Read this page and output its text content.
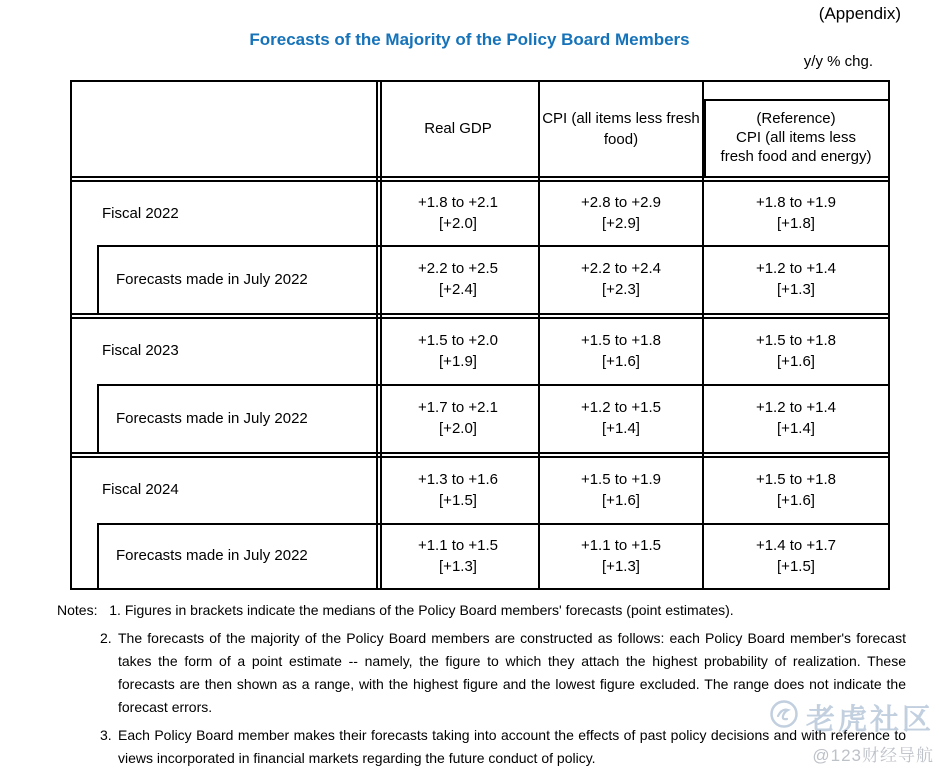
(Appendix)
Forecasts of the Majority of the Policy Board Members
y/y % chg.
Real GDP
CPI (all items less fresh food)
(Reference)
CPI (all items less
fresh food and energy)
Fiscal 2022
+1.8 to +2.1
[+2.0]
+2.8 to +2.9
[+2.9]
+1.8 to +1.9
[+1.8]
Forecasts made in July 2022
+2.2 to +2.5
[+2.4]
+2.2 to +2.4
[+2.3]
+1.2 to +1.4
[+1.3]
Fiscal 2023
+1.5 to +2.0
[+1.9]
+1.5 to +1.8
[+1.6]
+1.5 to +1.8
[+1.6]
Forecasts made in July 2022
+1.7 to +2.1
[+2.0]
+1.2 to +1.5
[+1.4]
+1.2 to +1.4
[+1.4]
Fiscal 2024
+1.3 to +1.6
[+1.5]
+1.5 to +1.9
[+1.6]
+1.5 to +1.8
[+1.6]
Forecasts made in July 2022
+1.1 to +1.5
[+1.3]
+1.1 to +1.5
[+1.3]
+1.4 to +1.7
[+1.5]
Notes: 1. Figures in brackets indicate the medians of the Policy Board members' forecasts (point estimates).
2. The forecasts of the majority of the Policy Board members are constructed as follows: each Policy Board member's forecast takes the form of a point estimate -- namely, the figure to which they attach the highest probability of realization. These forecasts are then shown as a range, with the highest figure and the lowest figure excluded. The range does not indicate the forecast errors.
3. Each Policy Board member makes their forecasts taking into account the effects of past policy decisions and with reference to views incorporated in financial markets regarding the future conduct of policy.
老虎社区
@123财经导航
